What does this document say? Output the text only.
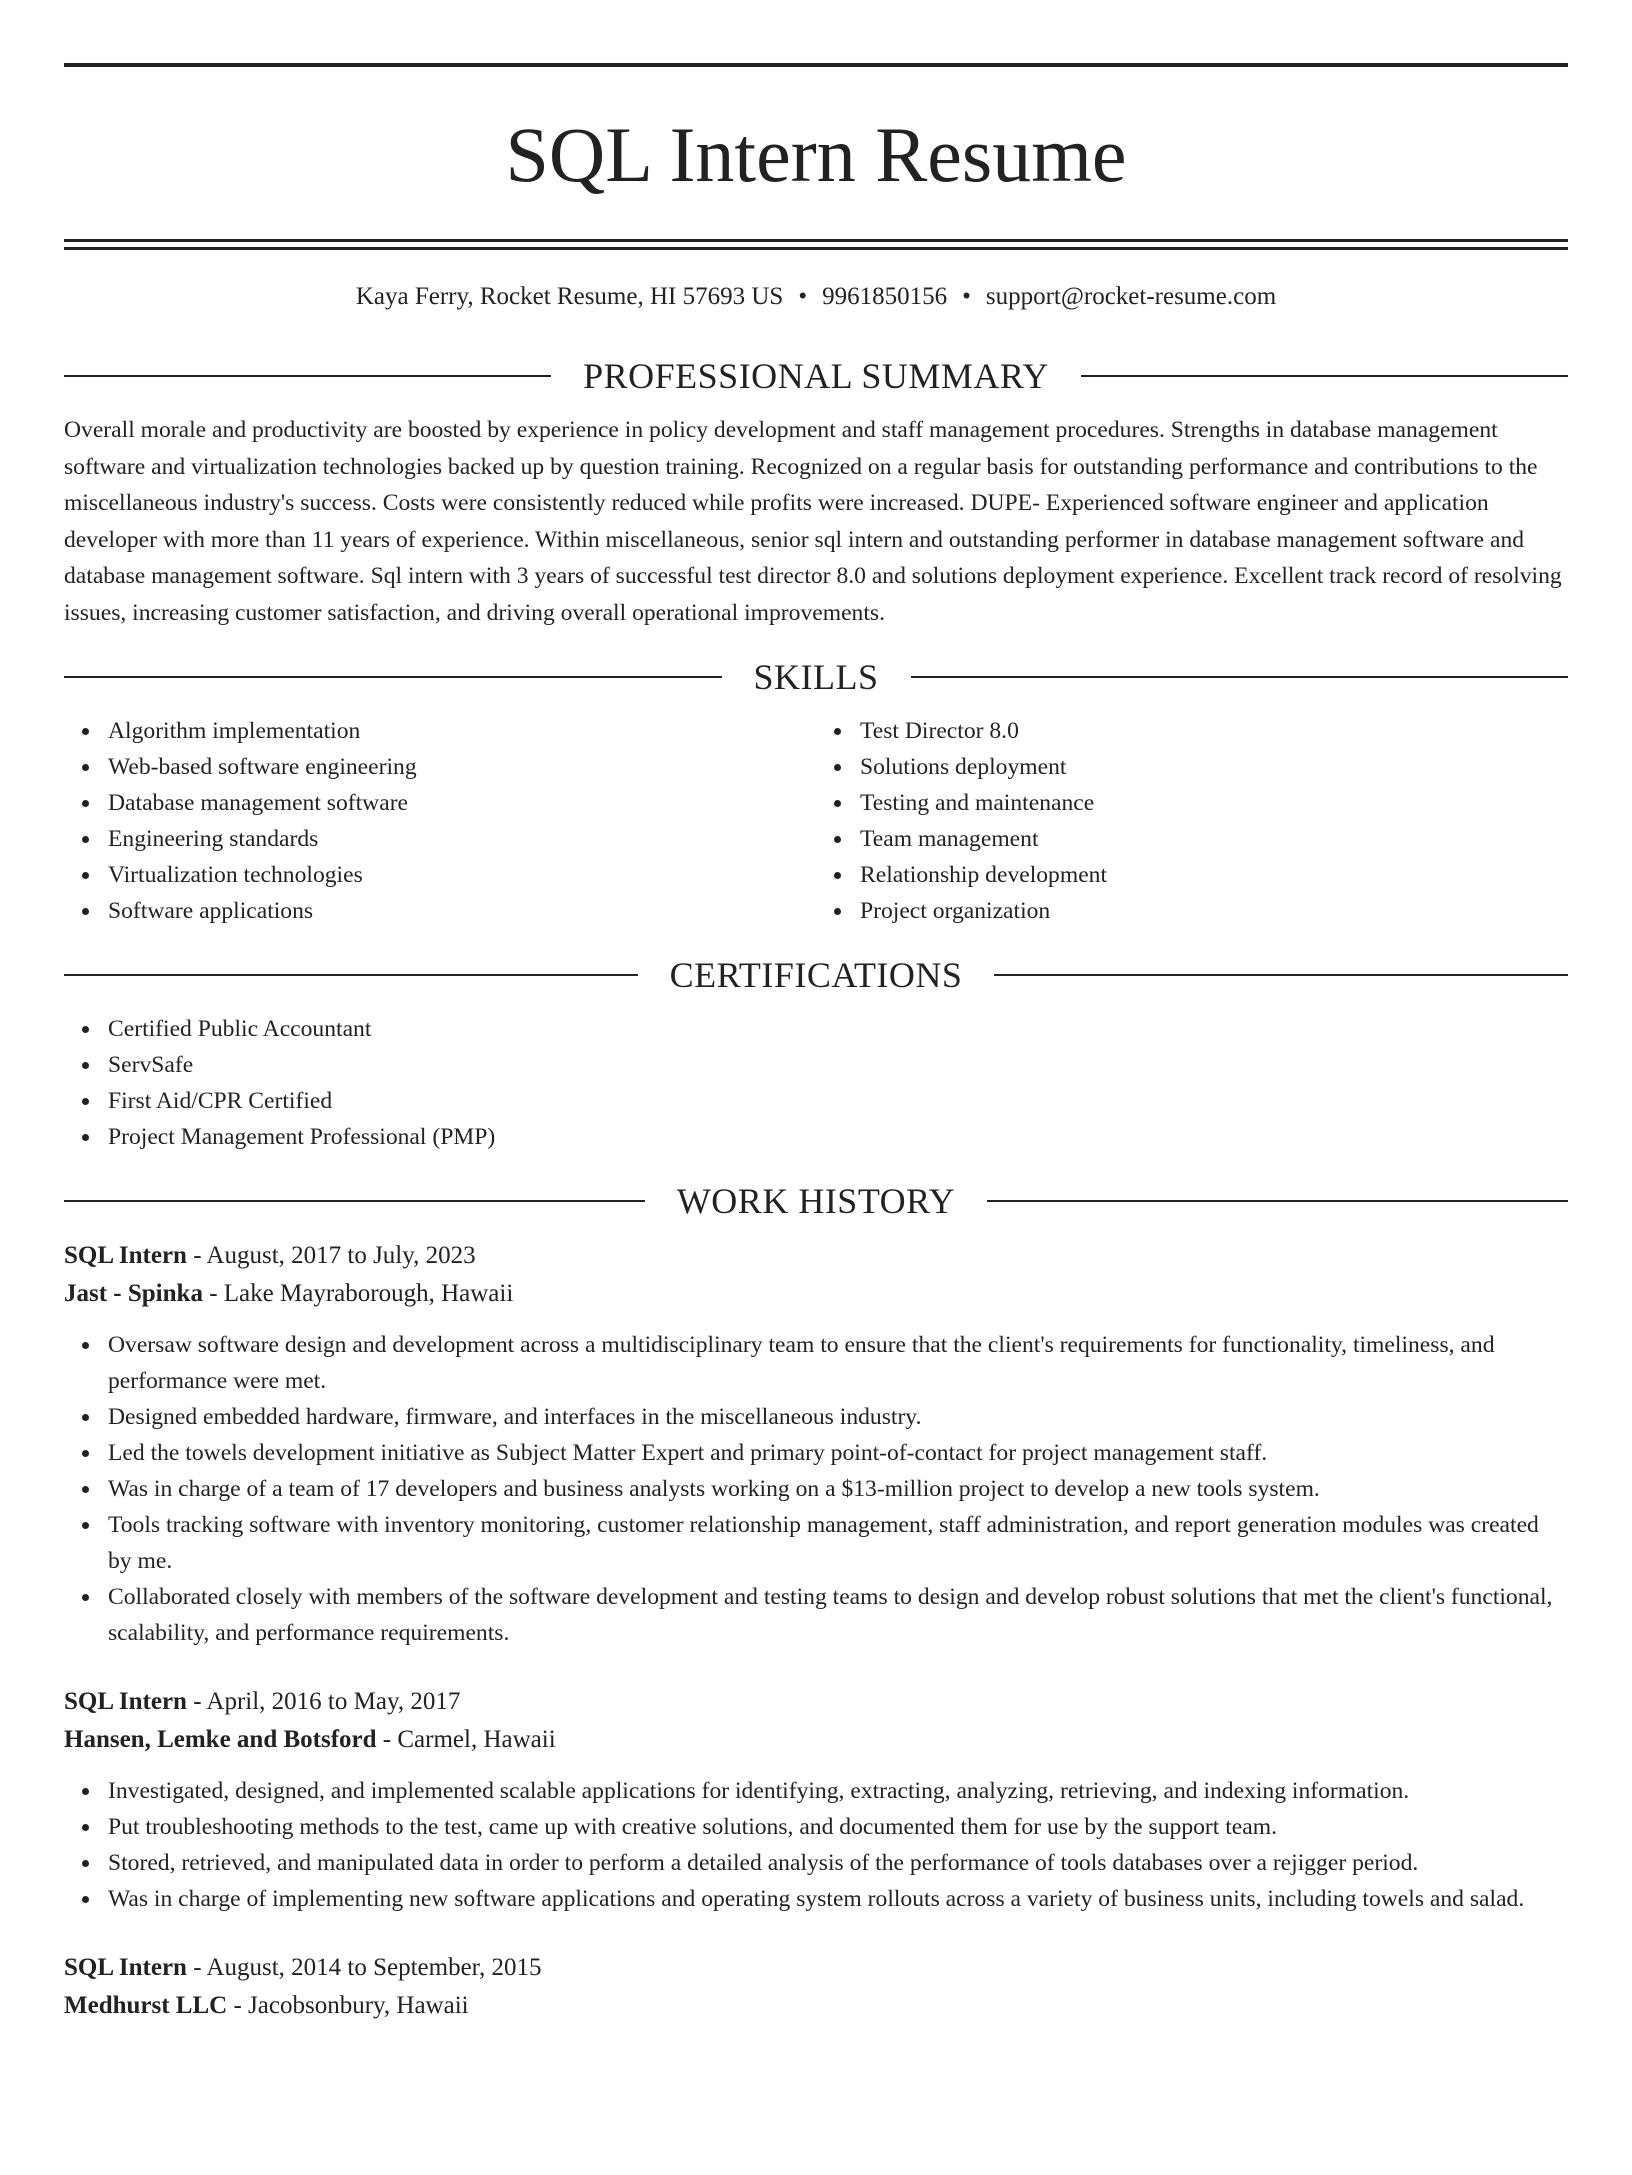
SQL Intern Resume
Kaya Ferry, Rocket Resume, HI 57693 US • 9961850156 • support@rocket-resume.com
PROFESSIONAL SUMMARY
Overall morale and productivity are boosted by experience in policy development and staff management procedures. Strengths in database management software and virtualization technologies backed up by question training. Recognized on a regular basis for outstanding performance and contributions to the miscellaneous industry's success. Costs were consistently reduced while profits were increased. DUPE- Experienced software engineer and application developer with more than 11 years of experience. Within miscellaneous, senior sql intern and outstanding performer in database management software and database management software. Sql intern with 3 years of successful test director 8.0 and solutions deployment experience. Excellent track record of resolving issues, increasing customer satisfaction, and driving overall operational improvements.
SKILLS
Algorithm implementation
Web-based software engineering
Database management software
Engineering standards
Virtualization technologies
Software applications
Test Director 8.0
Solutions deployment
Testing and maintenance
Team management
Relationship development
Project organization
CERTIFICATIONS
Certified Public Accountant
ServSafe
First Aid/CPR Certified
Project Management Professional (PMP)
WORK HISTORY
SQL Intern - August, 2017 to July, 2023
Jast - Spinka - Lake Mayraborough, Hawaii
Oversaw software design and development across a multidisciplinary team to ensure that the client's requirements for functionality, timeliness, and performance were met.
Designed embedded hardware, firmware, and interfaces in the miscellaneous industry.
Led the towels development initiative as Subject Matter Expert and primary point-of-contact for project management staff.
Was in charge of a team of 17 developers and business analysts working on a $13-million project to develop a new tools system.
Tools tracking software with inventory monitoring, customer relationship management, staff administration, and report generation modules was created by me.
Collaborated closely with members of the software development and testing teams to design and develop robust solutions that met the client's functional, scalability, and performance requirements.
SQL Intern - April, 2016 to May, 2017
Hansen, Lemke and Botsford - Carmel, Hawaii
Investigated, designed, and implemented scalable applications for identifying, extracting, analyzing, retrieving, and indexing information.
Put troubleshooting methods to the test, came up with creative solutions, and documented them for use by the support team.
Stored, retrieved, and manipulated data in order to perform a detailed analysis of the performance of tools databases over a rejigger period.
Was in charge of implementing new software applications and operating system rollouts across a variety of business units, including towels and salad.
SQL Intern - August, 2014 to September, 2015
Medhurst LLC - Jacobsonbury, Hawaii
